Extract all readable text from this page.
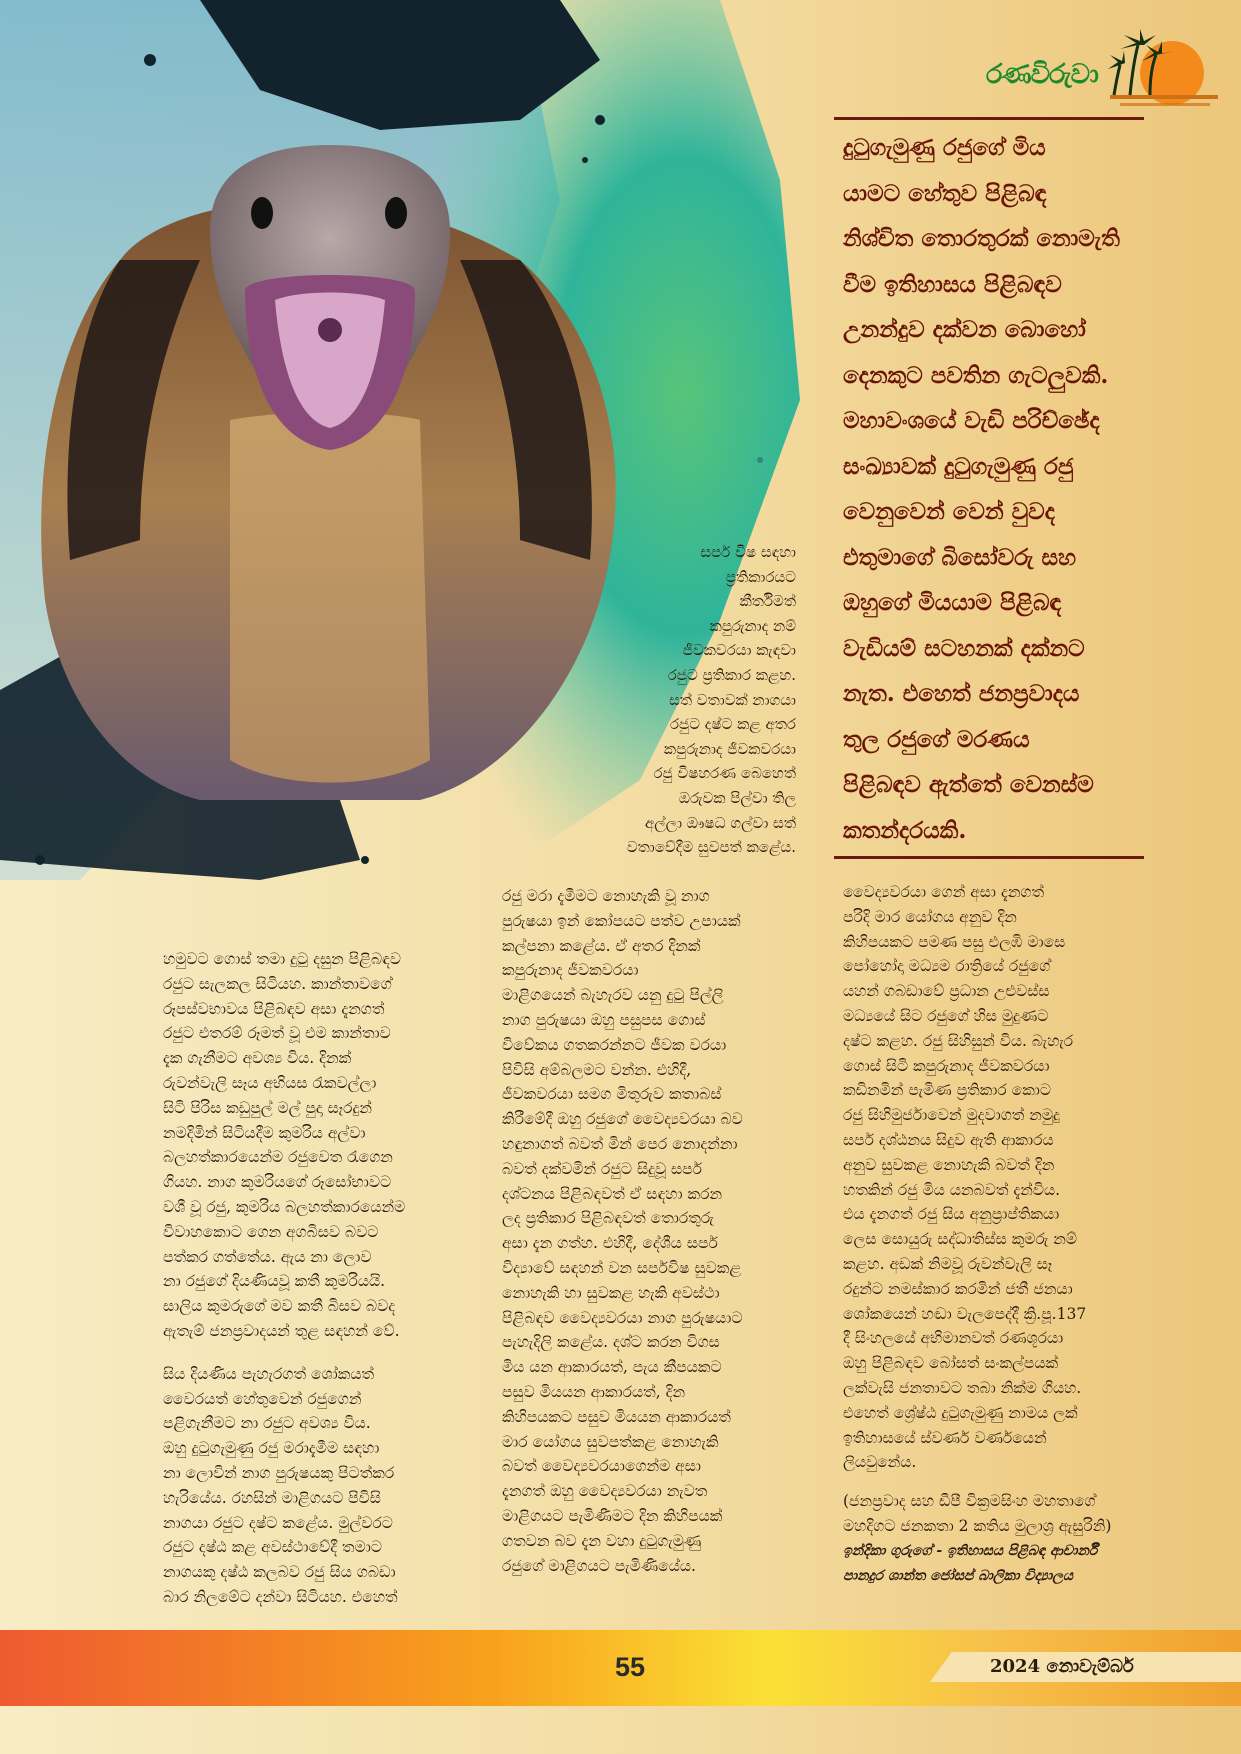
රණවිරුවා
දුටුගැමුණු රජුගේ මිය
යාමට හේතුව පිළිබඳ
නිශ්චිත තොරතුරක් නොමැති
වීම ඉතිහාසය පිළිබඳව
උනන්දුව දක්වන බොහෝ
දෙනකුට පවතින ගැටලුවකි.
මහාවංශයේ වැඩි පරිච්ඡේද
සංඛ්‍යාවක් දුටුගැමුණු රජු
වෙනුවෙන් වෙන් වුවද
එතුමාගේ බිසෝවරු සහ
ඔහුගේ මියයාම පිළිබඳ
වැඩියම් සටහනක් දක්නට
නැත. එහෙත් ජනප්‍රවාදය
තුල රජුගේ මරණය
පිළිබඳව ඇත්තේ වෙනස්ම
කතන්දරයකි.
සර්ප විෂ සඳහා
ප්‍රතිකාරයට
කීර්තිමත්
කපුරුනාද නම්
ජීවකවරයා කැඳවා
රජුට ප්‍රතිකාර කළහ.
සත් වතාවක් නාගයා
රජුට දෂ්ට කළ අතර
කපුරුනාද ජීවකවරයා
රජු විෂහරණ බෙහෙත්
ඔරුවක පිල්වා තිල
අල්ලා ඖෂධ ගල්වා සත්
වතාවේදීම සුවපත් කළේය.
හමුවට ගොස් තමා දුටු දසුන පිළිබඳව
රජුට සැලකල සිටියහ. කාන්තාවගේ
රූපස්වභාවය පිළිබඳව අසා දැනගත්
රජුට එතරම් රූමත් වූ එම කාන්තාව
දැක ගැනීමට අවශ්‍ය විය. දිනක්
රුවන්වැලි සෑය අභියස රැකවල්ලා
සිටි පිරිස කඩුපුල් මල් පුදා සෑරදුන්
නමදිමින් සිටියදීම කුමරිය අල්වා
බලහත්කාරයෙන්ම රජුවෙත රැගෙන
ගියහ. නාග කුමරියගේ රූසෝභාවට
වශී වූ රජු, කුමරිය බලහත්කාරයෙන්ම
විවාහකොට ගෙන අගබිසව බවට
පත්කර ගත්තේය. ඇය නා ලොව
නා රජුගේ දියණියවූ කතී කුමරියයි.
සාලිය කුමරුගේ මව කතී බිසව බවද
ඇතැම් ජනප්‍රවාදයන් තුළ සඳහන් වේ.
සිය දියණිය පැහැරගත් ශෝකයත්
වෛරයත් හේතුවෙන් රජුගෙන්
පළිගැනීමට නා රජුට අවශ්‍ය විය.
ඔහු දුටුගැමුණු රජු මරාදැමීම සඳහා
නා ලොවින් නාග පුරුෂයකු පිටත්කර
හැරියේය. රහසින් මාළිගයට පිවිසි
නාගයා රජුට දෂ්ට කළේය. මුල්වරට
රජුට දෂ්ඨ කළ අවස්ථාවේදී තමාට
නාගයකු දෂ්ඨ කලබව රජු සිය ගබඩා
බාර නිලමේට දන්වා සිටියහ. එහෙත්
රජු මරා දැමීමට නොහැකි වූ නාග
පුරුෂයා ඉන් කෝපයට පත්ව උපායක්
කල්පනා කළේය. ඒ අතර දිනක්
කපුරුනාද ජීවකවරයා
මාළිගයෙන් බැහැරව යනු දුටු පිල්ලි
නාග පුරුෂයා ඔහු පසුපස ගොස්
විවේකය ගතකරන්නට ජීවක වරයා
පිවිසි අම්බලමට වන්න. එහිදී,
ජීවකවරයා සමග මිතුරුව කතාබස්
කිරීමේදී ඔහු රජුගේ වෛද්‍යවරයා බව
හඳුනාගත් බවත් මින් පෙර නොදන්නා
බවත් දක්වමින් රජුට සිදුවූ සර්ප
දශ්ටනය පිළිබඳවත් ඒ සඳහා කරන
ලද ප්‍රතිකාර පිළිබඳවත් තොරතුරු
අසා දැන ගත්හ. එහිදී, දේශීය සර්ප
විද්‍යාවේ සඳහන් වන සර්පවිෂ සුවකළ
නොහැකි හා සුවකළ හැකි අවස්ථා
පිළිබඳව වෛද්‍යවරයා නාග පුරුෂයාට
පැහැදිලි කළේය. දශ්ට කරන විගස
මිය යන ආකාරයත්, පැය කීපයකට
පසුව මියයන ආකාරයත්, දින
කිහිපයකට පසුව මියයන ආකාරයත්
මාර යෝගය සුවපත්කළ නොහැකි
බවත් වෛද්‍යවරයාගෙන්ම අසා
දැනගත් ඔහු වෛද්‍යවරයා නැවත
මාළිගයට පැමිණීමට දින කිහිපයක්
ගතවන බව දැන වහා දුටුගැමුණු
රජුගේ මාළිගයට පැමිණියේය.
වෛද්‍යවරයා ගෙන් අසා දැනගත්
පරිදි මාර යෝගය අනුව දින
කිහිපයකට පමණ පසු එලඹි මාසෙ
පෝහෝදා මධ්‍යම රාත්‍රියේ රජුගේ
යහන් ගබඩාවේ ප්‍රධාන උළුවස්ස
මධ්‍යයේ සිට රජුගේ හිස මුදුණට
දෂ්ට කළහ. රජු සිහිසුන් විය. බැහැර
ගොස් සිටි කපුරුනාද ජීවකවරයා
කඩිනමින් පැමිණ ප්‍රතිකාර කොට
රජු සිහිමුර්ජාවෙන් මුදවාගත් නමුදු
සර්ප දශ්ඨනය සිදුව ඇති ආකාරය
අනුව සුවකළ නොහැකි බවත් දින
හතකින් රජු මිය යනබවත් දැන්විය.
එය දැනගත් රජු සිය අනුප්‍රාප්තිකයා
ලෙස සොයුරු සද්ධාතිස්ස කුමරු නම්
කළහ. අඩක් නිමවූ රුවන්වැලි සෑ
රදුන්ට නමස්කාර කරමින් ජතී ජනයා
ශෝකයෙන් හඬා වැලපෙද්දී ක්‍රි.පූ.137
දී සිංහලයේ අභිමානවත් රණශූරයා
ඔහු පිළිබඳව බෝසත් සංකල්පයක්
ලක්වැසි ජනතාවට තබා නික්ම ගියහ.
එහෙත් ශ්‍රේෂ්ඨ දුටුගැමුණු නාමය ලක්
ඉතිහාසයේ ස්වර්ණ වර්ණයෙන්
ලියවුනේය.
(ජනප්‍රවාද සහ ඩීපී වික්‍රමසිංහ මහතාගේ
මහදිගට ජනකතා 2 කතිය මුලාශ්‍ර ඇසුරිනි)
ඉන්දිකා ගුරුගේ - ඉතිහාසය පිළිබඳ ආචාර්නී
පානදුර ශාන්ත ජෝසප් බාලිකා විද්‍යාලය
55	2024 නොවැම්බර්
